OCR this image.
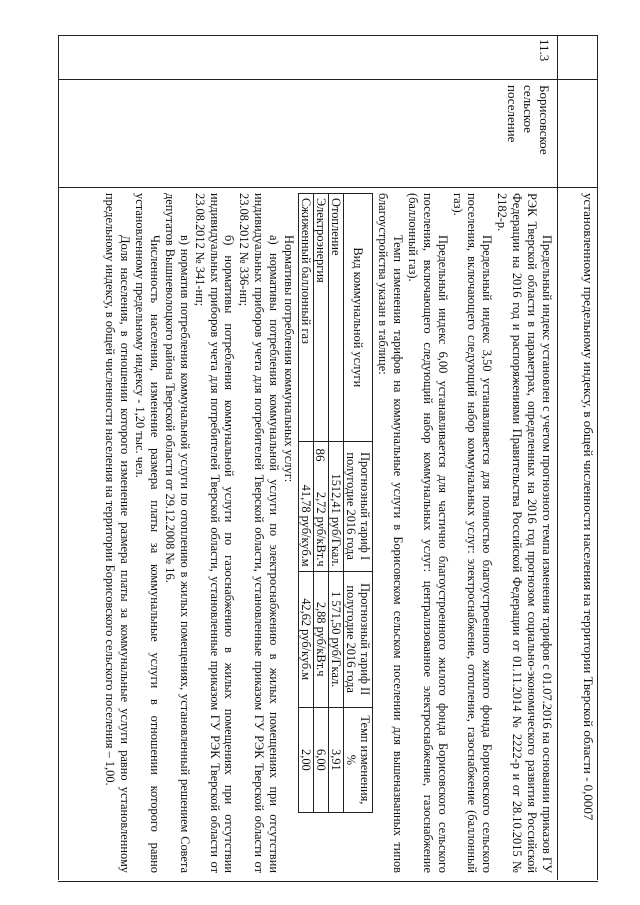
86	установленному предельному индексу, в общей численности населения на территории Тверской области - 0,0007
11.3
Борисовское сельское поселение

Предельный индекс установлен с учетом прогнозного темпа изменения тарифов с 01.07.2016 на основании приказов ГУ РЭК Тверской области в параметрах, определенных на 2016 год прогнозом социально-экономического развития Российской Федерации на 2016 год и распоряжениями Правительства Российской Федерации от 01.11.2014 № 2222-р и от 28.10.2015 № 2182-р.

Предельный индекс 3,50 устанавливается для полностью благоустроенного жилого фонда Борисовского сельского поселения, включающего следующий набор коммунальных услуг: электроснабжение, отопление, газоснабжение (баллонный газ).

Предельный индекс 6,00 устанавливается для частично благоустроенного жилого фонда Борисовского сельского поселения, включающего следующий набор коммунальных услуг: централизованное электроснабжение, газоснабжение (баллонный газ).

Темп изменения тарифов на коммунальные услуги в Борисовском сельском поселении для вышеназванных типов благоустройства указан в таблице:

Вид коммунальной услуги	Прогнозный тариф I полугодие 2016 года	Прогнозный тариф II полугодие 2016 года	Темп изменения, %
Отопление	1512,41 руб/Гкал.	1 571,50 руб/Гкал.	3,91
Электроэнергия	2,72 руб/кВт.ч	2,88 руб/кВт.ч	6,00
Сжиженный баллонный газ	41,78 руб/куб.м	42,62 руб/куб.м	2,00

Нормативы потребления коммунальных услуг:

а) нормативы потребления коммунальной услуги по электроснабжению в жилых помещениях при отсутствии индивидуальных приборов учета для потребителей Тверской области, установленные приказом ГУ РЭК Тверской области от 23.08.2012 № 336-нп;

б) нормативы потребления коммунальной услуги по газоснабжению в жилых помещениях при отсутствии индивидуальных приборов учета для потребителей Тверской области, установленные приказом ГУ РЭК Тверской области от 23.08.2012 № 341-нп;

в) норматив потребления коммунальной услуги по отоплению в жилых помещениях, установленный решением Совета депутатов Вышневолоцкого района Тверской области от 29.12.2008 № 16.

Численность населения, изменение размера платы за коммунальные услуги в отношении которого равно установленному предельному индексу - 1,20 тыс. чел.

Доля населения, в отношении которого изменение размера платы за коммунальные услуги равно установленному предельному индексу, в общей численности населения на территории Борисовского сельского поселения – 1,00.
